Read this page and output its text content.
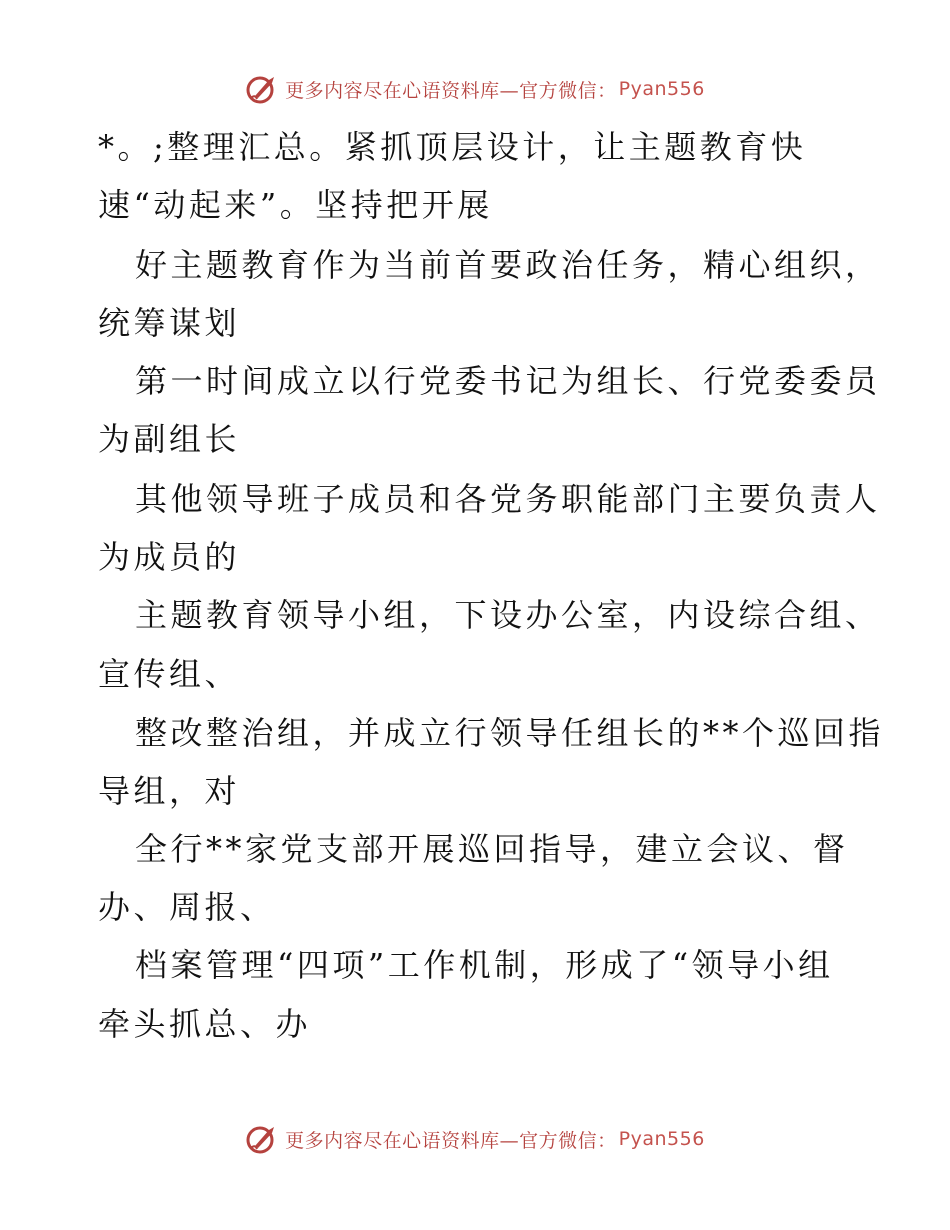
更多内容尽在心语资料库—官方微信： Pyan556
*。;整理汇总。紧抓顶层设计，让主题教育快
速“动起来”。坚持把开展
好主题教育作为当前首要政治任务，精心组织，
统筹谋划
第一时间成立以行党委书记为组长、行党委委员
为副组长
其他领导班子成员和各党务职能部门主要负责人
为成员的
主题教育领导小组，下设办公室，内设综合组、
宣传组、
整改整治组，并成立行领导任组长的**个巡回指
导组，对
全行**家党支部开展巡回指导，建立会议、督
办、周报、
档案管理“四项”工作机制，形成了“领导小组
牵头抓总、办
更多内容尽在心语资料库—官方微信： Pyan556
